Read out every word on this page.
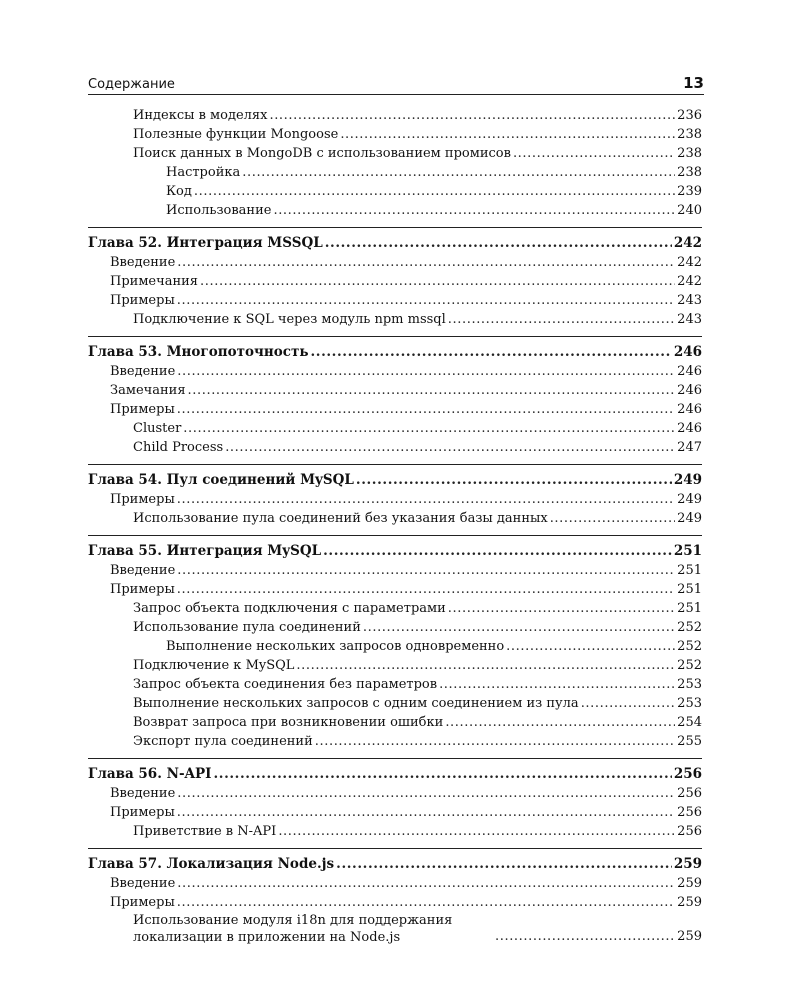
Содержание	13
Индексы в моделях .....	236
Полезные функции Mongoose .....	238
Поиск данных в MongoDB с использованием промисов .....	238
Настройка .....	238
Код .....	239
Использование .....	240
Глава 52. Интеграция MSSQL .....	242
Введение .....	242
Примечания .....	242
Примеры .....	243
Подключение к SQL через модуль npm mssql .....	243
Глава 53. Многопоточность .....	246
Введение .....	246
Замечания .....	246
Примеры .....	246
Cluster .....	246
Child Process .....	247
Глава 54. Пул соединений MySQL .....	249
Примеры .....	249
Использование пула соединений без указания базы данных .....	249
Глава 55. Интеграция MySQL .....	251
Введение .....	251
Примеры .....	251
Запрос объекта подключения с параметрами .....	251
Использование пула соединений .....	252
Выполнение нескольких запросов одновременно .....	252
Подключение к MySQL .....	252
Запрос объекта соединения без параметров .....	253
Выполнение нескольких запросов с одним соединением из пула .....	253
Возврат запроса при возникновении ошибки .....	254
Экспорт пула соединений .....	255
Глава 56. N-API .....	256
Введение .....	256
Примеры .....	256
Приветствие в N-API .....	256
Глава 57. Локализация Node.js .....	259
Введение .....	259
Примеры .....	259
Использование модуля i18n для поддержания локализации в приложении на Node.js .....	259
